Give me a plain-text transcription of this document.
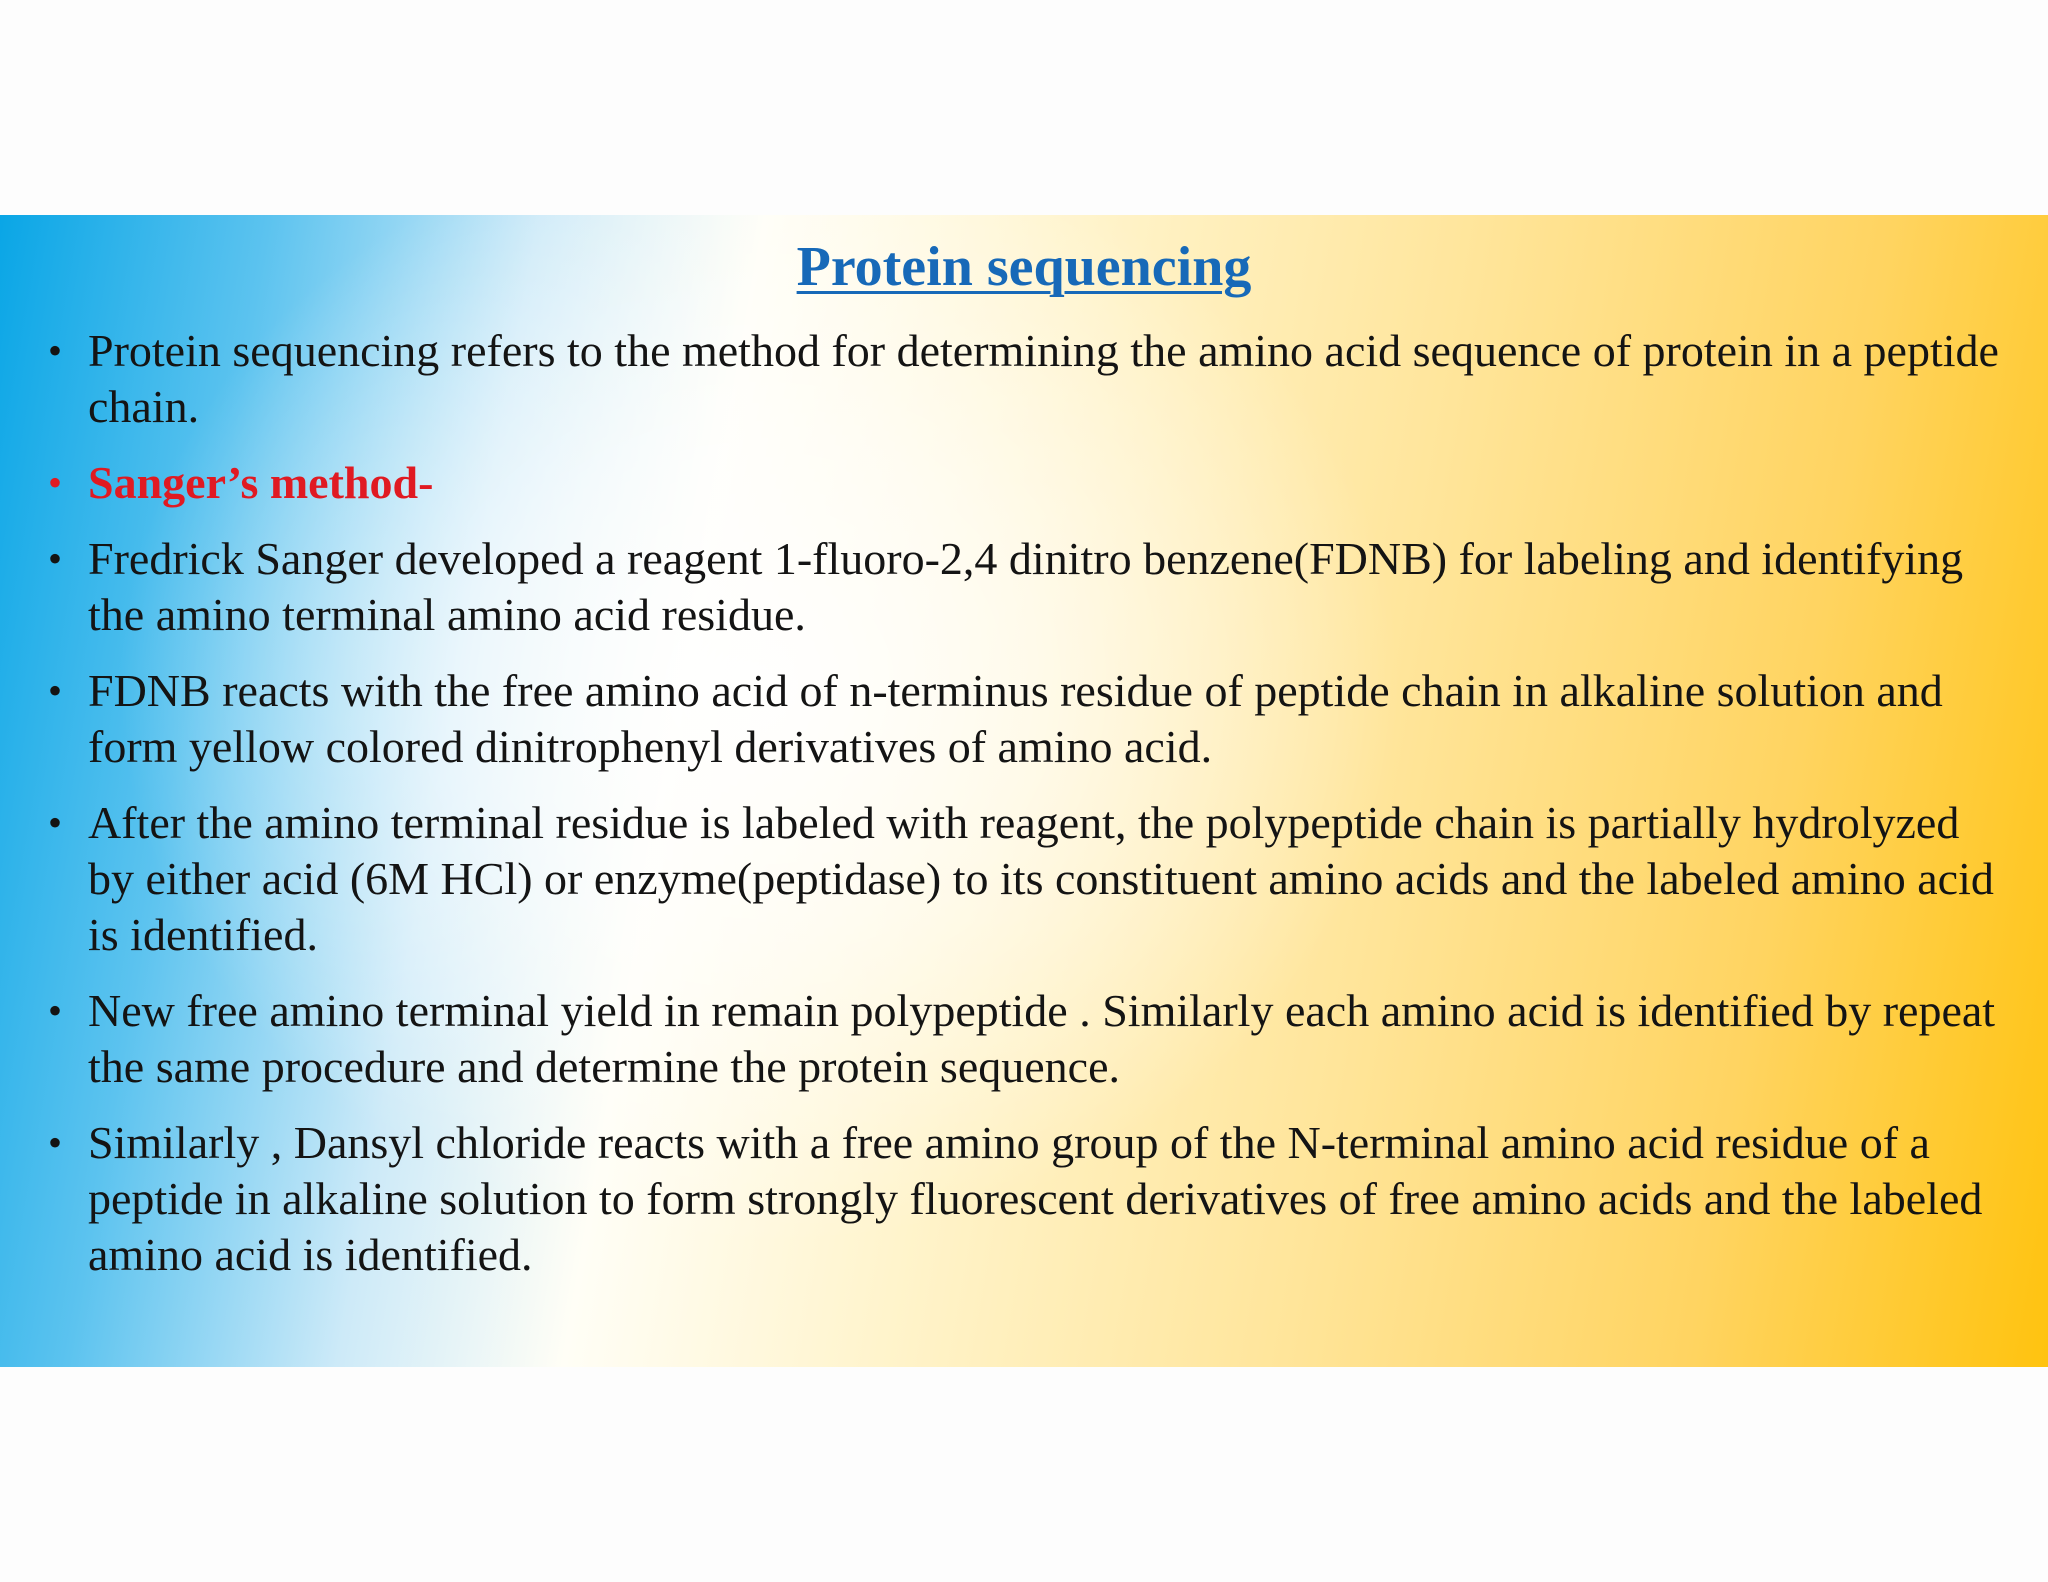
Protein sequencing
• Protein sequencing refers to the method for determining the amino acid sequence of protein in a peptide chain.
• Sanger’s method-
• Fredrick Sanger developed a reagent 1-fluoro-2,4 dinitro benzene(FDNB) for labeling and identifying the amino terminal amino acid residue.
• FDNB reacts with the free amino acid of n-terminus residue of peptide chain in alkaline solution and form yellow colored dinitrophenyl derivatives of amino acid.
• After the amino terminal residue is labeled with reagent, the polypeptide chain is partially hydrolyzed by either acid (6M HCl) or enzyme(peptidase) to its constituent amino acids and the labeled amino acid is identified.
• New free amino terminal yield in remain polypeptide . Similarly each amino acid is identified by repeat the same procedure and determine the protein sequence.
• Similarly , Dansyl chloride reacts with a free amino group of the N-terminal amino acid residue of a peptide in alkaline solution to form strongly fluorescent derivatives of free amino acids and the labeled amino acid is identified.
